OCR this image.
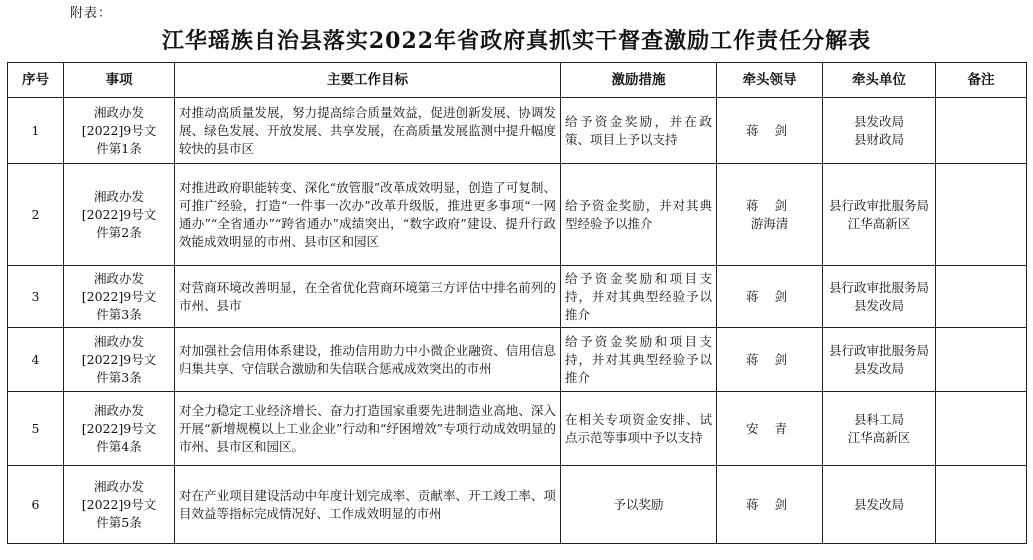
附表：
江华瑶族自治县落实2022年省政府真抓实干督查激励工作责任分解表
序号	事项	主要工作目标	激励措施	牵头领导	牵头单位	备注
1	湘政办发
[2022]9号文
件第1条	对推动高质量发展，努力提高综合质量效益，促进创新发展、协调发展、绿色发展、开放发展、共享发展，在高质量发展监测中提升幅度较快的县市区	给予资金奖励，并在政策、项目上予以支持	蒋 剑	县发改局
县财政局	

2	湘政办发
[2022]9号文
件第2条	对推进政府职能转变、深化“放管服”改革成效明显，创造了可复制、可推广经验，打造“一件事一次办”改革升级版，推进更多事项“一网通办”“全省通办”“跨省通办”成绩突出，“数字政府”建设、提升行政效能成效明显的市州、县市区和园区	给予资金奖励，并对其典型经验予以推介	蒋 剑
游海清	县行政审批服务局
江华高新区	

3	湘政办发
[2022]9号文
件第3条	对营商环境改善明显，在全省优化营商环境第三方评估中排名前列的市州、县市	给予资金奖励和项目支持，并对其典型经验予以推介	蒋 剑	县行政审批服务局
县发改局	

4	湘政办发
[2022]9号文
件第3条	对加强社会信用体系建设，推动信用助力中小微企业融资、信用信息归集共享、守信联合激励和失信联合惩戒成效突出的市州	给予资金奖励和项目支持，并对其典型经验予以推介	蒋 剑	县行政审批服务局
县发改局	

5	湘政办发
[2022]9号文
件第4条	对全力稳定工业经济增长、奋力打造国家重要先进制造业高地、深入开展“新增规模以上工业企业”行动和“纾困增效”专项行动成效明显的市州、县市区和园区。	在相关专项资金安排、试点示范等事项中予以支持	安 青	县科工局
江华高新区	

6	湘政办发
[2022]9号文
件第5条	对在产业项目建设活动中年度计划完成率、贡献率、开工竣工率、项目效益等指标完成情况好、工作成效明显的市州	予以奖励	蒋 剑	县发改局	
